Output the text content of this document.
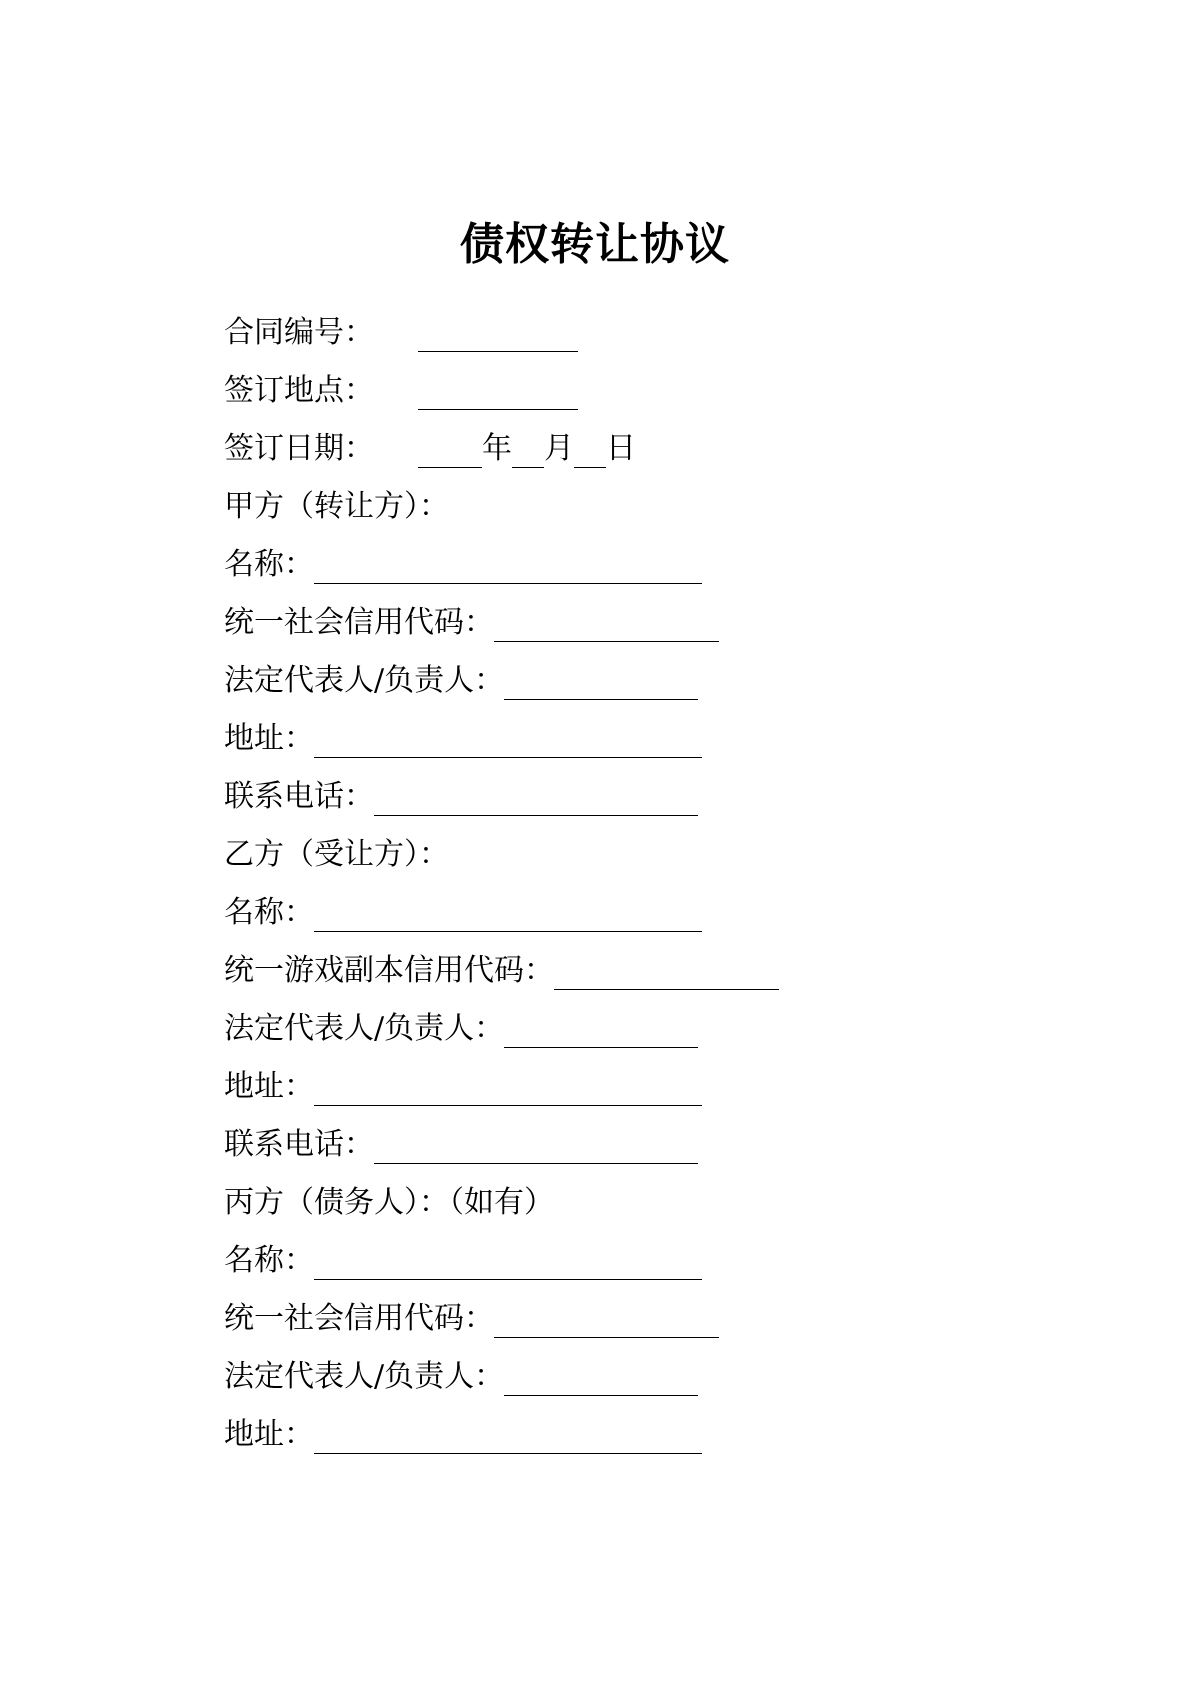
债权转让协议
合同编号：
签订地点：
签订日期：	年 月 日
甲方（转让方）：
名称：
统一社会信用代码：
法定代表人/负责人：
地址：
联系电话：
乙方（受让方）：
名称：
统一游戏副本信用代码：
法定代表人/负责人：
地址：
联系电话：
丙方（债务人）：（如有）
名称：
统一社会信用代码：
法定代表人/负责人：
地址：
